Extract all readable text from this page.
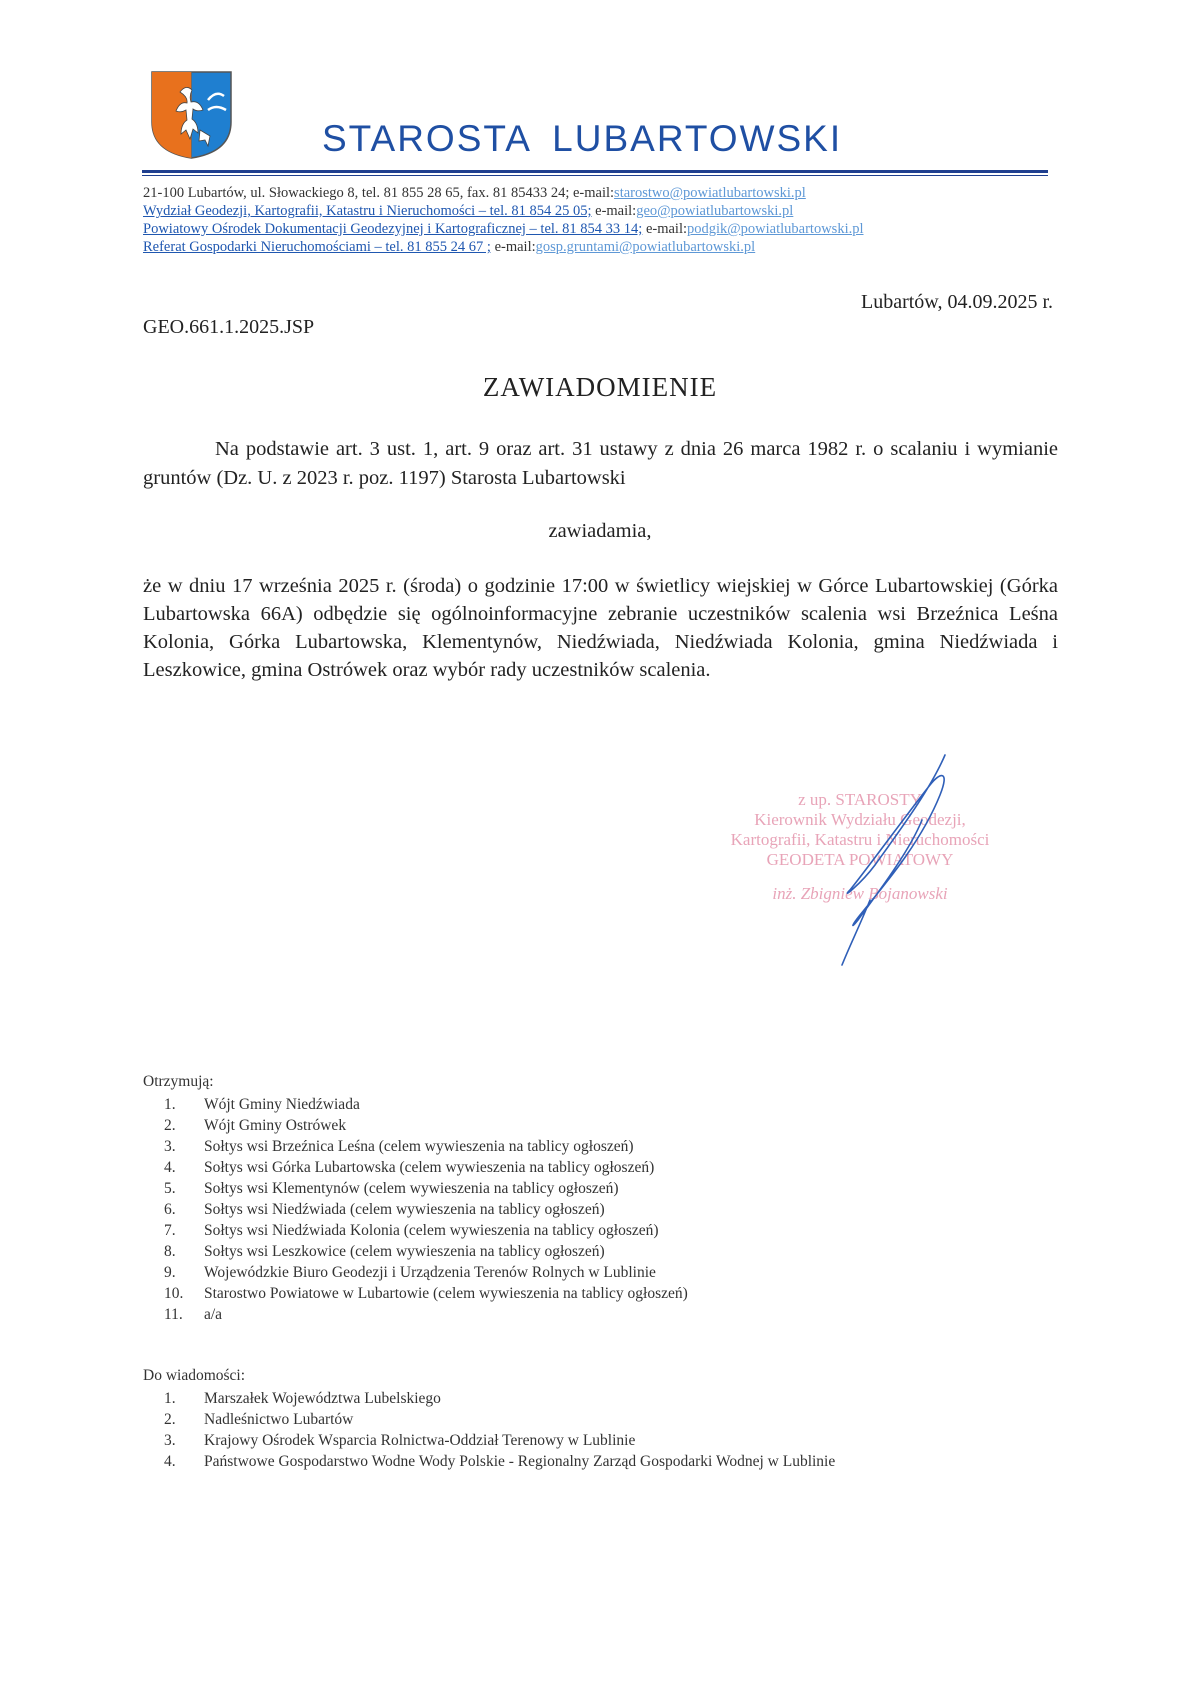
STAROSTA LUBARTOWSKI
21-100 Lubartów, ul. Słowackiego 8, tel. 81 855 28 65, fax. 81 85433 24; e-mail:starostwo@powiatlubartowski.pl
Wydział Geodezji, Kartografii, Katastru i Nieruchomości – tel. 81 854 25 05; e-mail:geo@powiatlubartowski.pl
Powiatowy Ośrodek Dokumentacji Geodezyjnej i Kartograficznej – tel. 81 854 33 14; e-mail:podgik@powiatlubartowski.pl
Referat Gospodarki Nieruchomościami – tel. 81 855 24 67 ; e-mail:gosp.gruntami@powiatlubartowski.pl
Lubartów, 04.09.2025 r.
GEO.661.1.2025.JSP
ZAWIADOMIENIE

Na podstawie art. 3 ust. 1, art. 9 oraz art. 31 ustawy z dnia 26 marca 1982 r. o scalaniu i wymianie gruntów (Dz. U. z 2023 r. poz. 1197) Starosta Lubartowski

zawiadamia,

że w dniu 17 września 2025 r. (środa) o godzinie 17:00 w świetlicy wiejskiej w Górce Lubartowskiej (Górka Lubartowska 66A) odbędzie się ogólnoinformacyjne zebranie uczestników scalenia wsi Brzeźnica Leśna Kolonia, Górka Lubartowska, Klementynów, Niedźwiada, Niedźwiada Kolonia, gmina Niedźwiada i Leszkowice, gmina Ostrówek oraz wybór rady uczestników scalenia.

z up. STAROSTY
Kierownik Wydziału Geodezji,
Kartografii, Katastru i Nieruchomości
GEODETA POWIATOWY
inż. Zbigniew Bojanowski
Otrzymują:
1. Wójt Gminy Niedźwiada
2. Wójt Gminy Ostrówek
3. Sołtys wsi Brzeźnica Leśna (celem wywieszenia na tablicy ogłoszeń)
4. Sołtys wsi Górka Lubartowska (celem wywieszenia na tablicy ogłoszeń)
5. Sołtys wsi Klementynów (celem wywieszenia na tablicy ogłoszeń)
6. Sołtys wsi Niedźwiada (celem wywieszenia na tablicy ogłoszeń)
7. Sołtys wsi Niedźwiada Kolonia (celem wywieszenia na tablicy ogłoszeń)
8. Sołtys wsi Leszkowice (celem wywieszenia na tablicy ogłoszeń)
9. Wojewódzkie Biuro Geodezji i Urządzenia Terenów Rolnych w Lublinie
10. Starostwo Powiatowe w Lubartowie (celem wywieszenia na tablicy ogłoszeń)
11. a/a
Do wiadomości:
1. Marszałek Województwa Lubelskiego
2. Nadleśnictwo Lubartów
3. Krajowy Ośrodek Wsparcia Rolnictwa-Oddział Terenowy w Lublinie
4. Państwowe Gospodarstwo Wodne Wody Polskie - Regionalny Zarząd Gospodarki Wodnej w Lublinie
